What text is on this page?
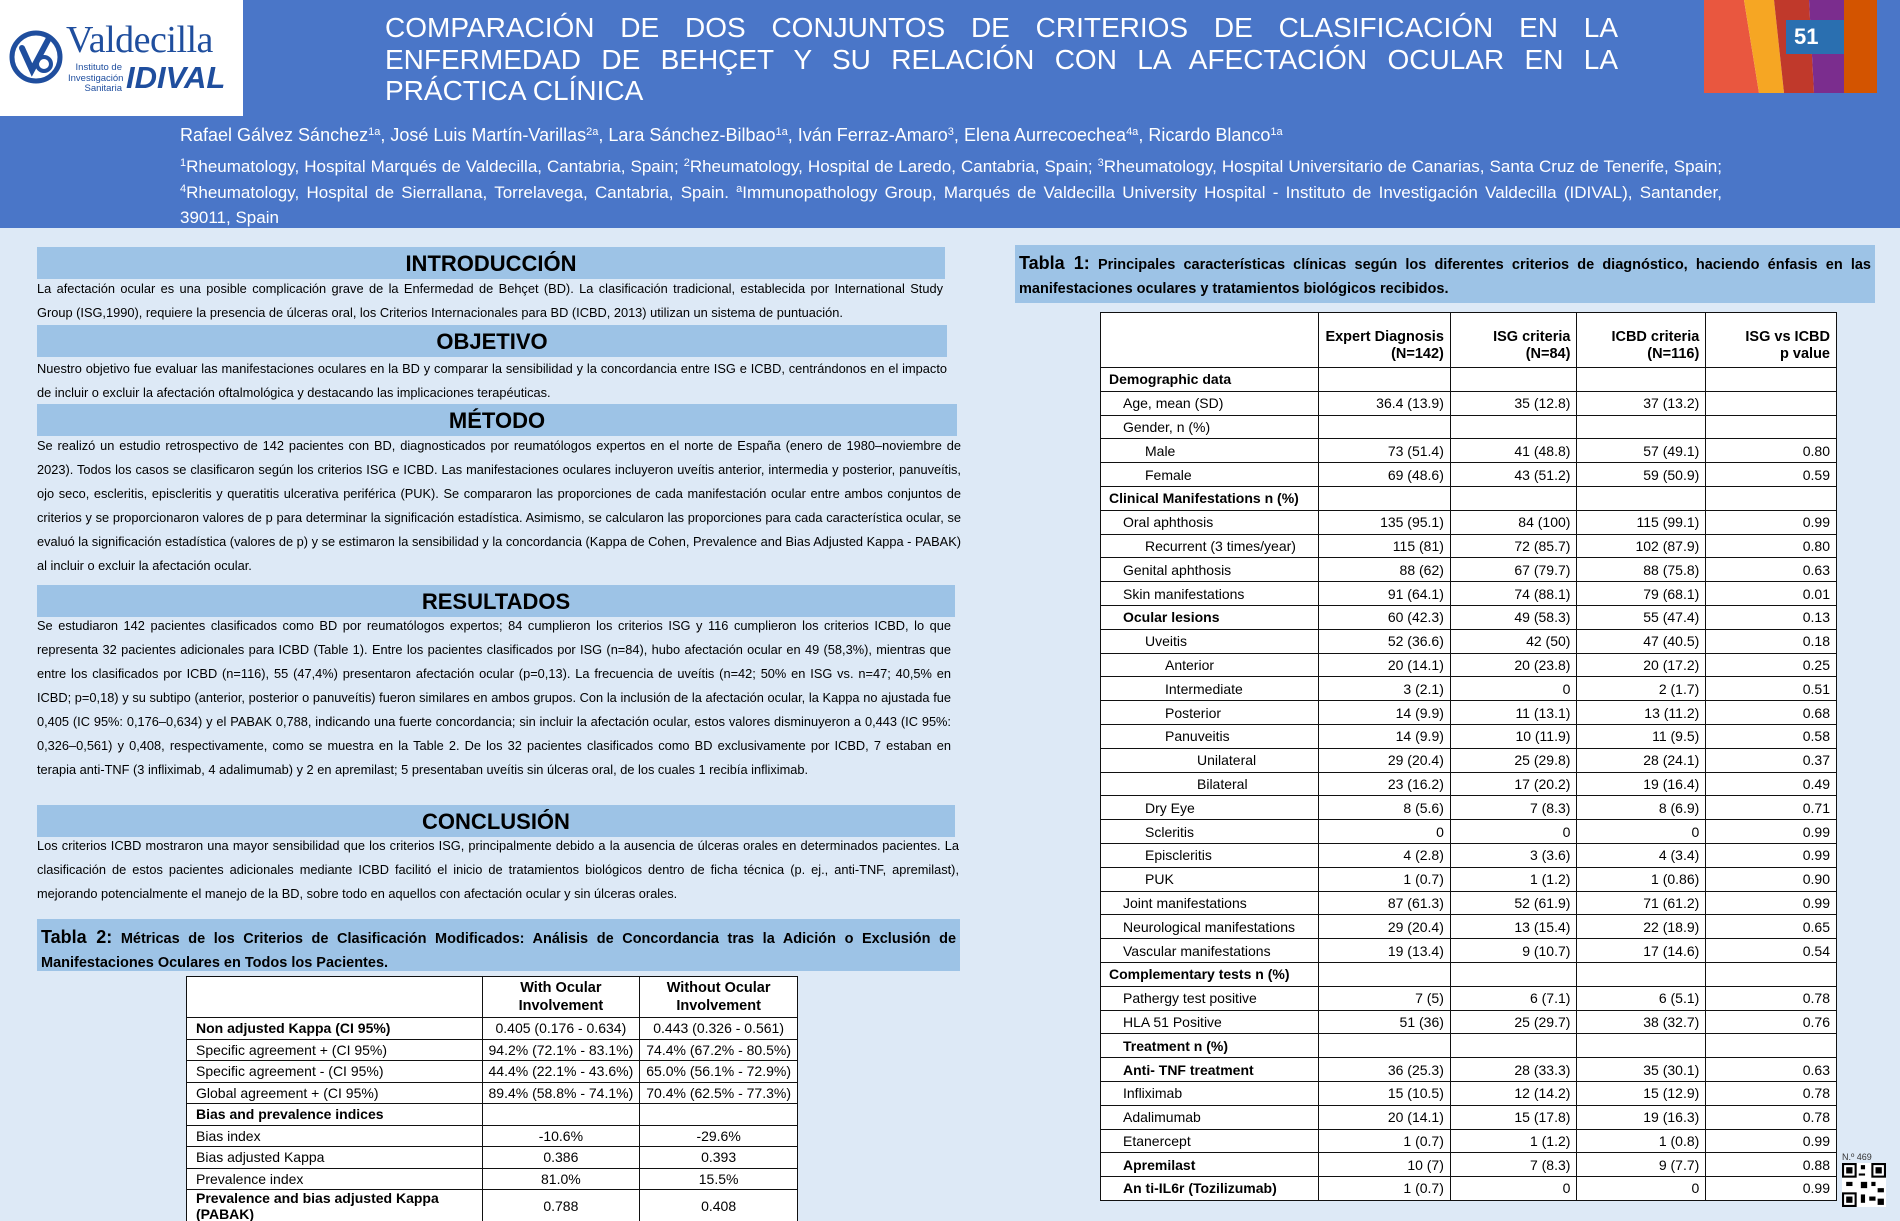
Valdecilla
Instituto de Investigación Sanitaria IDIVAL
COMPARACIÓN DE DOS CONJUNTOS DE CRITERIOS DE CLASIFICACIÓN EN LA ENFERMEDAD DE BEHÇET Y SU RELACIÓN CON LA AFECTACIÓN OCULAR EN LA PRÁCTICA CLÍNICA
51
Rafael Gálvez Sánchez$^{1a}$, José Luis Martín-Varillas$^{2a}$, Lara Sánchez-Bilbao$^{1a}$, Iván Ferraz-Amaro$^3$, Elena Aurrecoechea$^{4a}$, Ricardo Blanco$^{1a}$
$^1$Rheumatology, Hospital Marqués de Valdecilla, Cantabria, Spain; $^2$Rheumatology, Hospital de Laredo, Cantabria, Spain; $^3$Rheumatology, Hospital Universitario de Canarias, Santa Cruz de Tenerife, Spain; $^4$Rheumatology, Hospital de Sierrallana, Torrelavega, Cantabria, Spain. $^a$Immunopathology Group, Marqués de Valdecilla University Hospital - Instituto de Investigación Valdecilla (IDIVAL), Santander, 39011, Spain
INTRODUCCIÓN
La afectación ocular es una posible complicación grave de la Enfermedad de Behçet (BD). La clasificación tradicional, establecida por International Study Group (ISG,1990), requiere la presencia de úlceras oral, los Criterios Internacionales para BD (ICBD, 2013) utilizan un sistema de puntuación.
OBJETIVO
Nuestro objetivo fue evaluar las manifestaciones oculares en la BD y comparar la sensibilidad y la concordancia entre ISG e ICBD, centrándonos en el impacto de incluir o excluir la afectación oftalmológica y destacando las implicaciones terapéuticas.
MÉTODO
Se realizó un estudio retrospectivo de 142 pacientes con BD, diagnosticados por reumatólogos expertos en el norte de España (enero de 1980–noviembre de 2023). Todos los casos se clasificaron según los criterios ISG e ICBD. Las manifestaciones oculares incluyeron uveítis anterior, intermedia y posterior, panuveítis, ojo seco, escleritis, episcleritis y queratitis ulcerativa periférica (PUK). Se compararon las proporciones de cada manifestación ocular entre ambos conjuntos de criterios y se proporcionaron valores de p para determinar la significación estadística. Asimismo, se calcularon las proporciones para cada característica ocular, se evaluó la significación estadística (valores de p) y se estimaron la sensibilidad y la concordancia (Kappa de Cohen, Prevalence and Bias Adjusted Kappa - PABAK) al incluir o excluir la afectación ocular.
RESULTADOS
Se estudiaron 142 pacientes clasificados como BD por reumatólogos expertos; 84 cumplieron los criterios ISG y 116 cumplieron los criterios ICBD, lo que representa 32 pacientes adicionales para ICBD (Table 1). Entre los pacientes clasificados por ISG (n=84), hubo afectación ocular en 49 (58,3%), mientras que entre los clasificados por ICBD (n=116), 55 (47,4%) presentaron afectación ocular (p=0,13). La frecuencia de uveítis (n=42; 50% en ISG vs. n=47; 40,5% en ICBD; p=0,18) y su subtipo (anterior, posterior o panuveítis) fueron similares en ambos grupos. Con la inclusión de la afectación ocular, la Kappa no ajustada fue 0,405 (IC 95%: 0,176–0,634) y el PABAK 0,788, indicando una fuerte concordancia; sin incluir la afectación ocular, estos valores disminuyeron a 0,443 (IC 95%: 0,326–0,561) y 0,408, respectivamente, como se muestra en la Table 2. De los 32 pacientes clasificados como BD exclusivamente por ICBD, 7 estaban en terapia anti-TNF (3 infliximab, 4 adalimumab) y 2 en apremilast; 5 presentaban uveítis sin úlceras oral, de los cuales 1 recibía infliximab.
CONCLUSIÓN
Los criterios ICBD mostraron una mayor sensibilidad que los criterios ISG, principalmente debido a la ausencia de úlceras orales en determinados pacientes. La clasificación de estos pacientes adicionales mediante ICBD facilitó el inicio de tratamientos biológicos dentro de ficha técnica (p. ej., anti-TNF, apremilast), mejorando potencialmente el manejo de la BD, sobre todo en aquellos con afectación ocular y sin úlceras orales.
Tabla 2: Métricas de los Criterios de Clasificación Modificados: Análisis de Concordancia tras la Adición o Exclusión de Manifestaciones Oculares en Todos los Pacientes.

	With Ocular
Involvement	Without Ocular
Involvement
Non adjusted Kappa (CI 95%)	0.405 (0.176 - 0.634)	0.443 (0.326 - 0.561)
Specific agreement + (CI 95%)	94.2% (72.1% - 83.1%)	74.4% (67.2% - 80.5%)
Specific agreement - (CI 95%)	44.4% (22.1% - 43.6%)	65.0% (56.1% - 72.9%)
Global agreement + (CI 95%)	89.4% (58.8% - 74.1%)	70.4% (62.5% - 77.3%)
Bias and prevalence indices		
Bias index	-10.6%	-29.6%
Bias adjusted Kappa	0.386	0.393
Prevalence index	81.0%	15.5%
Prevalence and bias adjusted Kappa (PABAK)	0.788	0.408
Tabla 1: Principales características clínicas según los diferentes criterios de diagnóstico, haciendo énfasis en las manifestaciones oculares y tratamientos biológicos recibidos.

	Expert Diagnosis
(N=142)	ISG criteria
(N=84)	ICBD criteria
(N=116)	ISG vs ICBD
p value
Demographic data				
Age, mean (SD)	36.4 (13.9)	35 (12.8)	37 (13.2)	
Gender, n (%)				
Male	73 (51.4)	41 (48.8)	57 (49.1)	0.80
Female	69 (48.6)	43 (51.2)	59 (50.9)	0.59
Clinical Manifestations n (%)				
Oral aphthosis	135 (95.1)	84 (100)	115 (99.1)	0.99
Recurrent (3 times/year)	115 (81)	72 (85.7)	102 (87.9)	0.80
Genital aphthosis	88 (62)	67 (79.7)	88 (75.8)	0.63
Skin manifestations	91 (64.1)	74 (88.1)	79 (68.1)	0.01
Ocular lesions	60 (42.3)	49 (58.3)	55 (47.4)	0.13
Uveitis	52 (36.6)	42 (50)	47 (40.5)	0.18
Anterior	20 (14.1)	20 (23.8)	20 (17.2)	0.25
Intermediate	3 (2.1)	0	2 (1.7)	0.51
Posterior	14 (9.9)	11 (13.1)	13 (11.2)	0.68
Panuveitis	14 (9.9)	10 (11.9)	11 (9.5)	0.58
Unilateral	29 (20.4)	25 (29.8)	28 (24.1)	0.37
Bilateral	23 (16.2)	17 (20.2)	19 (16.4)	0.49
Dry Eye	8 (5.6)	7 (8.3)	8 (6.9)	0.71
Scleritis	0	0	0	0.99
Episcleritis	4 (2.8)	3 (3.6)	4 (3.4)	0.99
PUK	1 (0.7)	1 (1.2)	1 (0.86)	0.90
Joint manifestations	87 (61.3)	52 (61.9)	71 (61.2)	0.99
Neurological manifestations	29 (20.4)	13 (15.4)	22 (18.9)	0.65
Vascular manifestations	19 (13.4)	9 (10.7)	17 (14.6)	0.54
Complementary tests n (%)				
Pathergy test positive	7 (5)	6 (7.1)	6 (5.1)	0.78
HLA 51 Positive	51 (36)	25 (29.7)	38 (32.7)	0.76
Treatment n (%)				
Anti- TNF treatment	36 (25.3)	28 (33.3)	35 (30.1)	0.63
Infliximab	15 (10.5)	12 (14.2)	15 (12.9)	0.78
Adalimumab	20 (14.1)	15 (17.8)	19 (16.3)	0.78
Etanercept	1 (0.7)	1 (1.2)	1 (0.8)	0.99
Apremilast	10 (7)	7 (8.3)	9 (7.7)	0.88
An ti-IL6r (Tozilizumab)	1 (0.7)	0	0	0.99
N.º 469
